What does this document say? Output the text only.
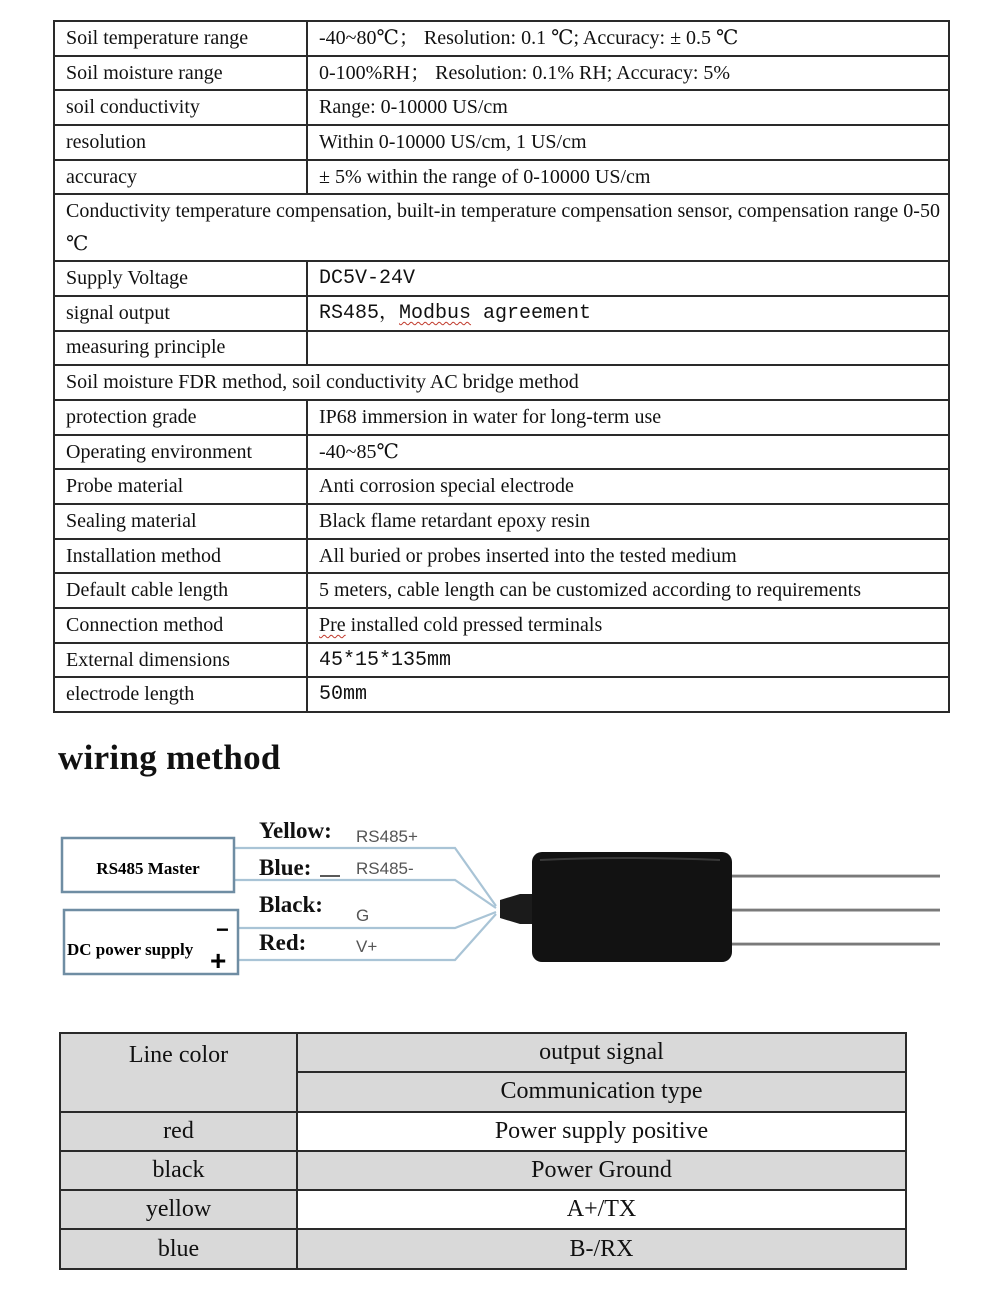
Soil temperature range	-40~80℃； Resolution: 0.1 ℃; Accuracy: ± 0.5 ℃
Soil moisture range	0-100%RH； Resolution: 0.1% RH; Accuracy: 5%
soil conductivity	Range: 0-10000 US/cm
resolution	Within 0-10000 US/cm, 1 US/cm
accuracy	± 5% within the range of 0-10000 US/cm
Conductivity temperature compensation, built-in temperature compensation sensor, compensation range 0-50 ℃	
Supply Voltage	DC5V-24V
signal output	RS485，Modbus agreement
measuring principle	
Soil moisture FDR method, soil conductivity AC bridge method	
protection grade	IP68 immersion in water for long-term use
Operating environment	-40~85℃
Probe material	Anti corrosion special electrode
Sealing material	Black flame retardant epoxy resin
Installation method	All buried or probes inserted into the tested medium
Default cable length	5 meters, cable length can be customized according to requirements
Connection method	Pre installed cold pressed terminals
External dimensions	45*15*135mm
electrode length	50mm
wiring method
RS485 Master
DC power supply
−
+
Yellow:
Blue:
Black:
Red:
RS485+
RS485-
G
V+
Line color	output signal
	Communication type
red	Power supply positive
black	Power Ground
yellow	A+/TX
blue	B-/RX
